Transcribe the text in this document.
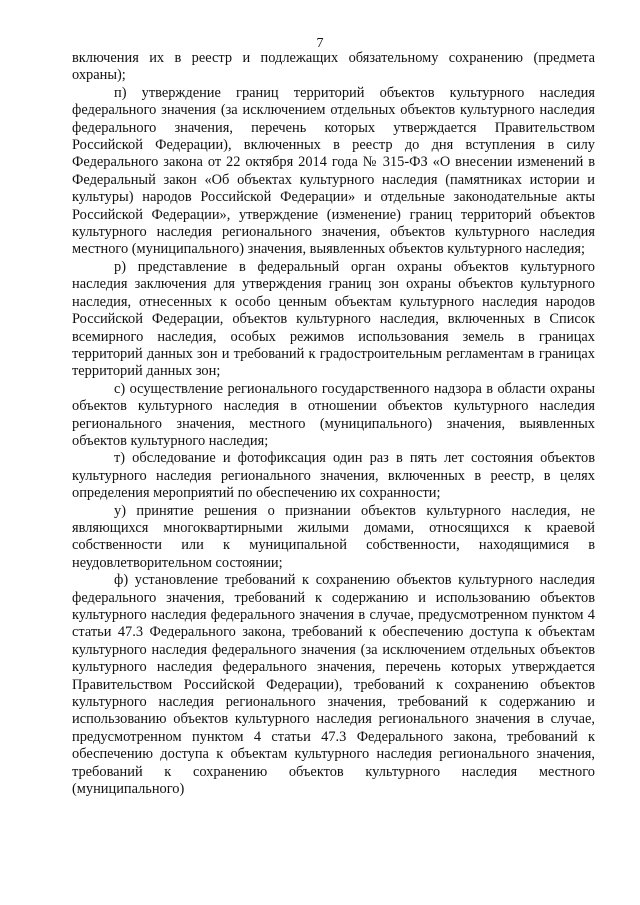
7

включения их в реестр и подлежащих обязательному сохранению (предмета охраны);

п) утверждение границ территорий объектов культурного наследия федерального значения (за исключением отдельных объектов культурного наследия федерального значения, перечень которых утверждается Правительством Российской Федерации), включенных в реестр до дня вступления в силу Федерального закона от 22 октября 2014 года № 315-ФЗ «О внесении изменений в Федеральный закон «Об объектах культурного наследия (памятниках истории и культуры) народов Российской Федерации» и отдельные законодательные акты Российской Федерации», утверждение (изменение) границ территорий объектов культурного наследия регионального значения, объектов культурного наследия местного (муниципального) значения, выявленных объектов культурного наследия;

р) представление в федеральный орган охраны объектов культурного наследия заключения для утверждения границ зон охраны объектов культурного наследия, отнесенных к особо ценным объектам культурного наследия народов Российской Федерации, объектов культурного наследия, включенных в Список всемирного наследия, особых режимов использования земель в границах территорий данных зон и требований к градостроительным регламентам в границах территорий данных зон;

с) осуществление регионального государственного надзора в области охраны объектов культурного наследия в отношении объектов культурного наследия регионального значения, местного (муниципального) значения, выявленных объектов культурного наследия;

т) обследование и фотофиксация один раз в пять лет состояния объектов культурного наследия регионального значения, включенных в реестр, в целях определения мероприятий по обеспечению их сохранности;

у) принятие решения о признании объектов культурного наследия, не являющихся многоквартирными жилыми домами, относящихся к краевой собственности или к муниципальной собственности, находящимися в неудовлетворительном состоянии;

ф) установление требований к сохранению объектов культурного наследия федерального значения, требований к содержанию и использованию объектов культурного наследия федерального значения в случае, предусмотренном пунктом 4 статьи 47.3 Федерального закона, требований к обеспечению доступа к объектам культурного наследия федерального значения (за исключением отдельных объектов культурного наследия федерального значения, перечень которых утверждается Правительством Российской Федерации), требований к сохранению объектов культурного наследия регионального значения, требований к содержанию и использованию объектов культурного наследия регионального значения в случае, предусмотренном пунктом 4 статьи 47.3 Федерального закона, требований к обеспечению доступа к объектам культурного наследия регионального значения, требований к сохранению объектов культурного наследия местного (муниципального)
